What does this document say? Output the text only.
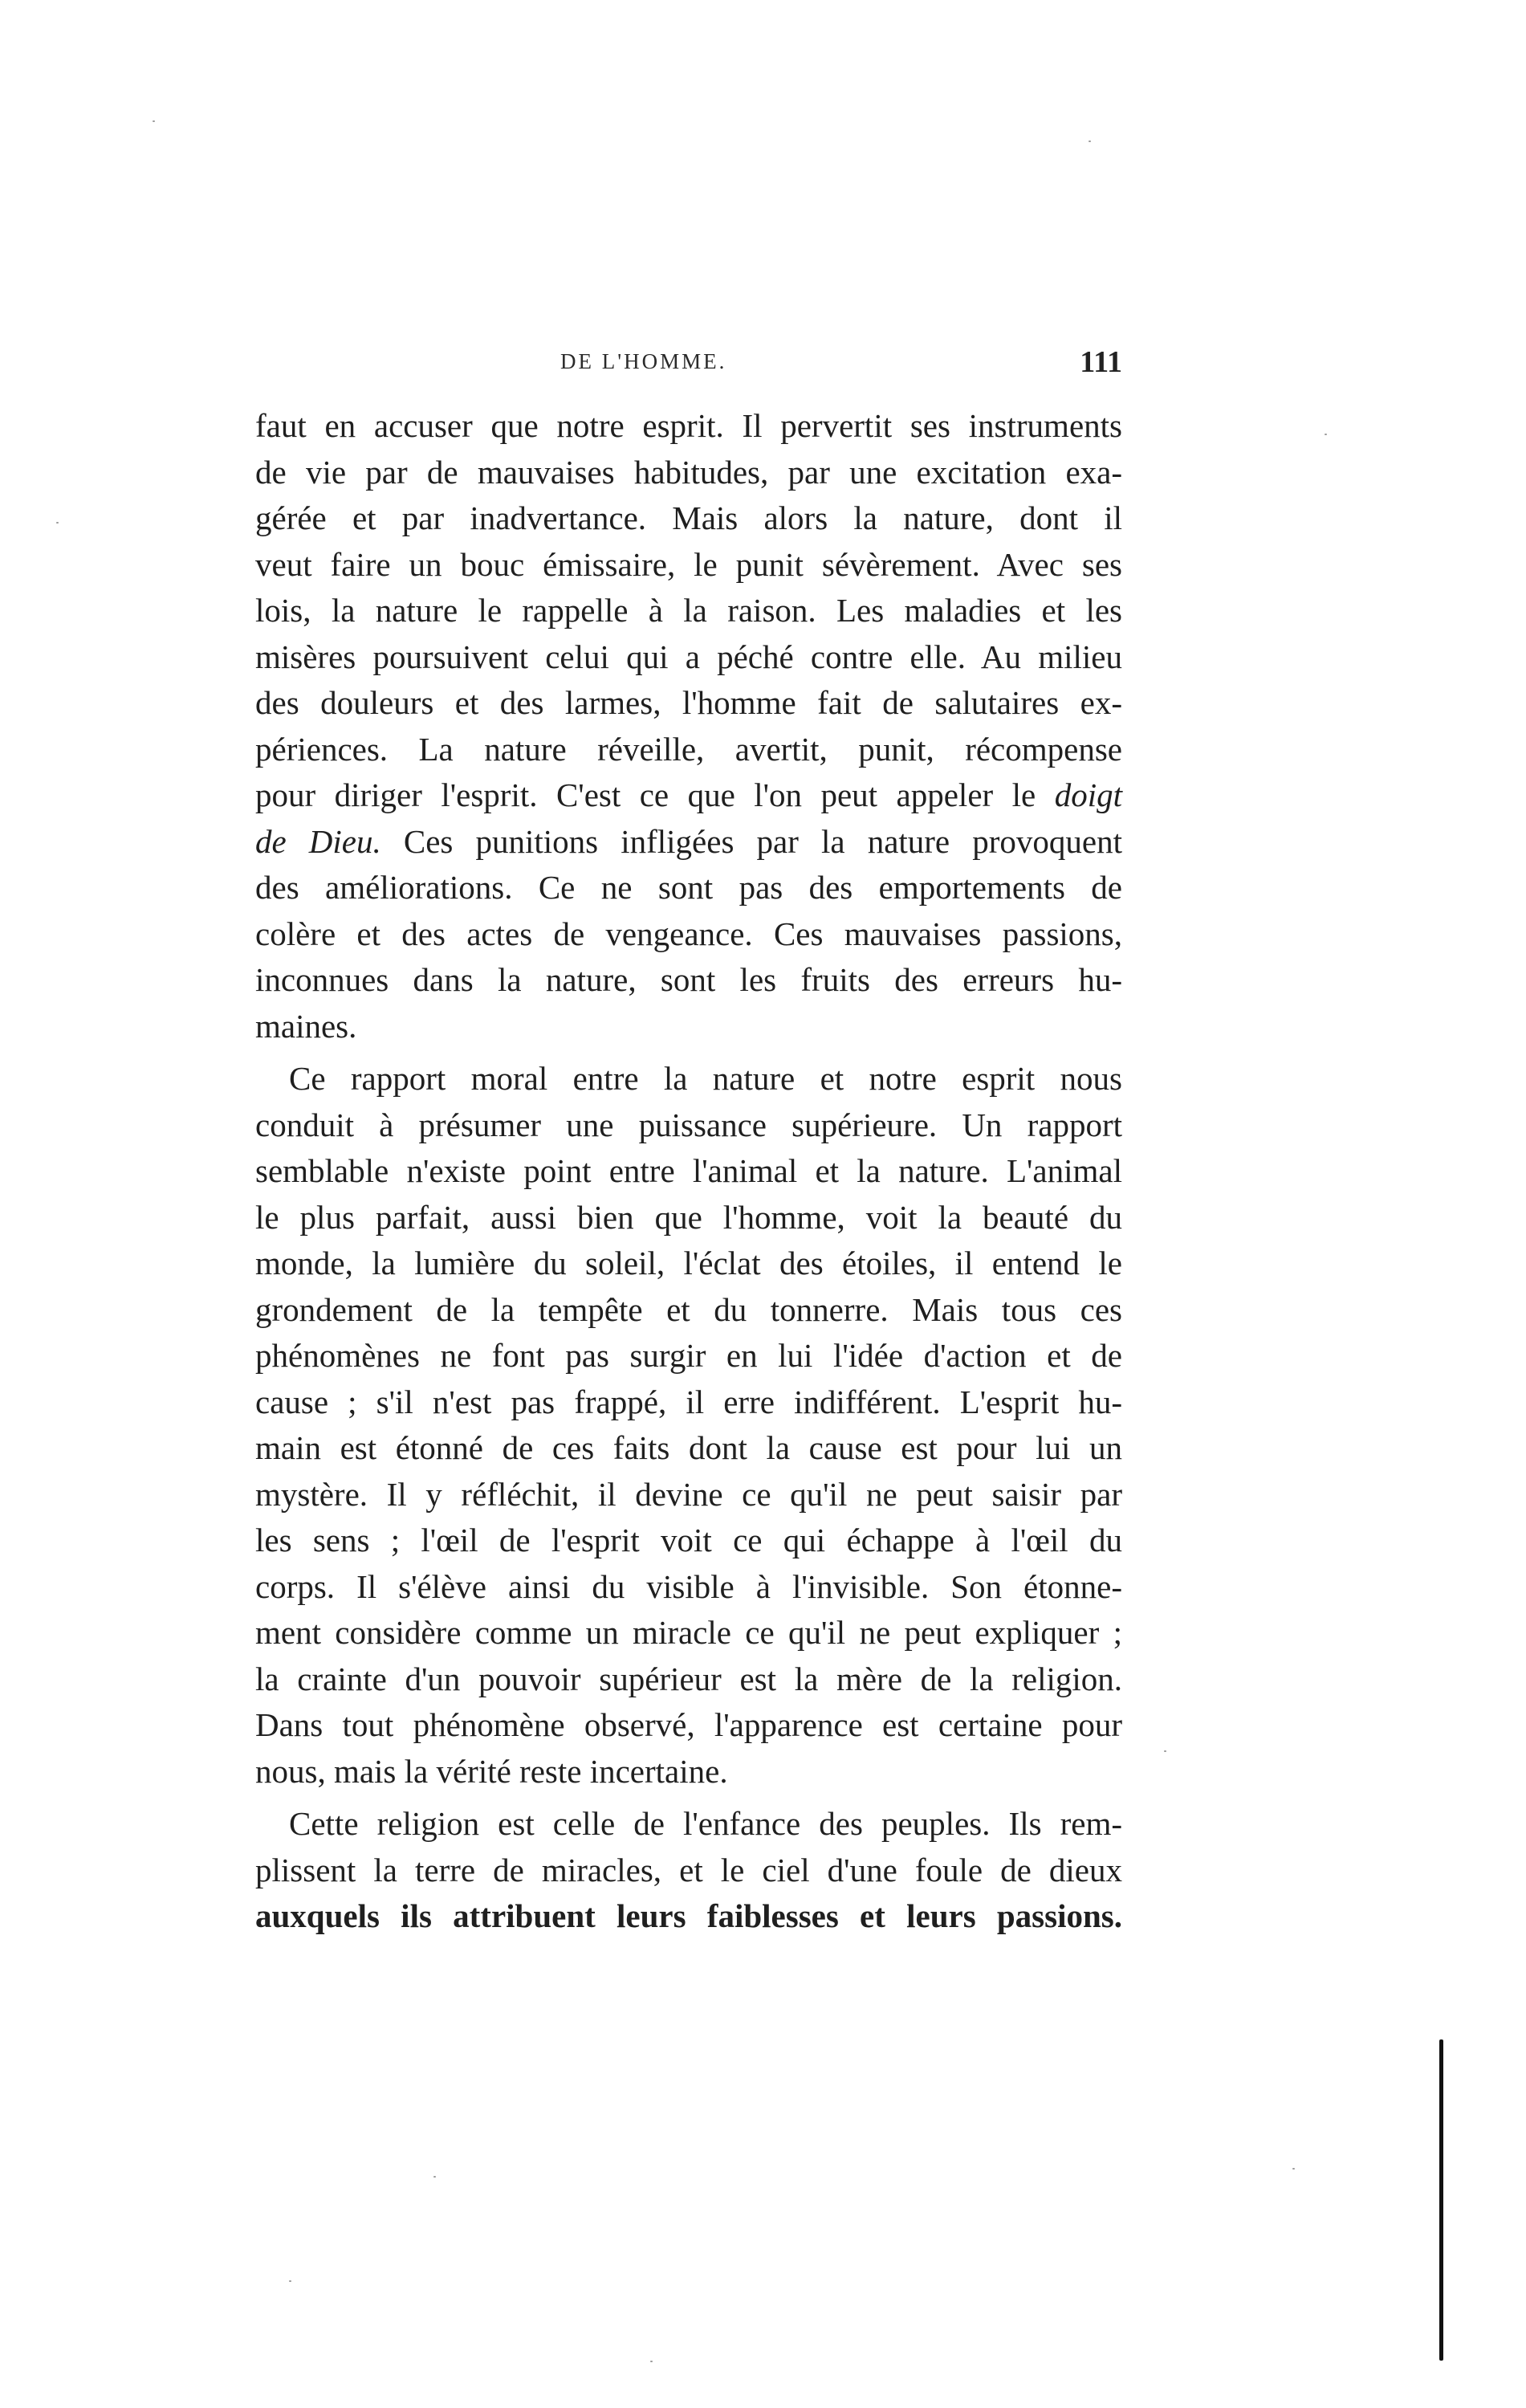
DE L'HOMME.	111
faut en accuser que notre esprit. Il pervertit ses instruments
de vie par de mauvaises habitudes, par une excitation exa-
gérée et par inadvertance. Mais alors la nature, dont il
veut faire un bouc émissaire, le punit sévèrement. Avec ses
lois, la nature le rappelle à la raison. Les maladies et les
misères poursuivent celui qui a péché contre elle. Au milieu
des douleurs et des larmes, l'homme fait de salutaires ex-
périences. La nature réveille, avertit, punit, récompense
pour diriger l'esprit. C'est ce que l'on peut appeler le doigt
de Dieu. Ces punitions infligées par la nature provoquent
des améliorations. Ce ne sont pas des emportements de
colère et des actes de vengeance. Ces mauvaises passions,
inconnues dans la nature, sont les fruits des erreurs hu-
maines.
Ce rapport moral entre la nature et notre esprit nous
conduit à présumer une puissance supérieure. Un rapport
semblable n'existe point entre l'animal et la nature. L'animal
le plus parfait, aussi bien que l'homme, voit la beauté du
monde, la lumière du soleil, l'éclat des étoiles, il entend le
grondement de la tempête et du tonnerre. Mais tous ces
phénomènes ne font pas surgir en lui l'idée d'action et de
cause ; s'il n'est pas frappé, il erre indifférent. L'esprit hu-
main est étonné de ces faits dont la cause est pour lui un
mystère. Il y réfléchit, il devine ce qu'il ne peut saisir par
les sens ; l'œil de l'esprit voit ce qui échappe à l'œil du
corps. Il s'élève ainsi du visible à l'invisible. Son étonne-
ment considère comme un miracle ce qu'il ne peut expliquer ;
la crainte d'un pouvoir supérieur est la mère de la religion.
Dans tout phénomène observé, l'apparence est certaine pour
nous, mais la vérité reste incertaine.
Cette religion est celle de l'enfance des peuples. Ils rem-
plissent la terre de miracles, et le ciel d'une foule de dieux
auxquels ils attribuent leurs faiblesses et leurs passions.
